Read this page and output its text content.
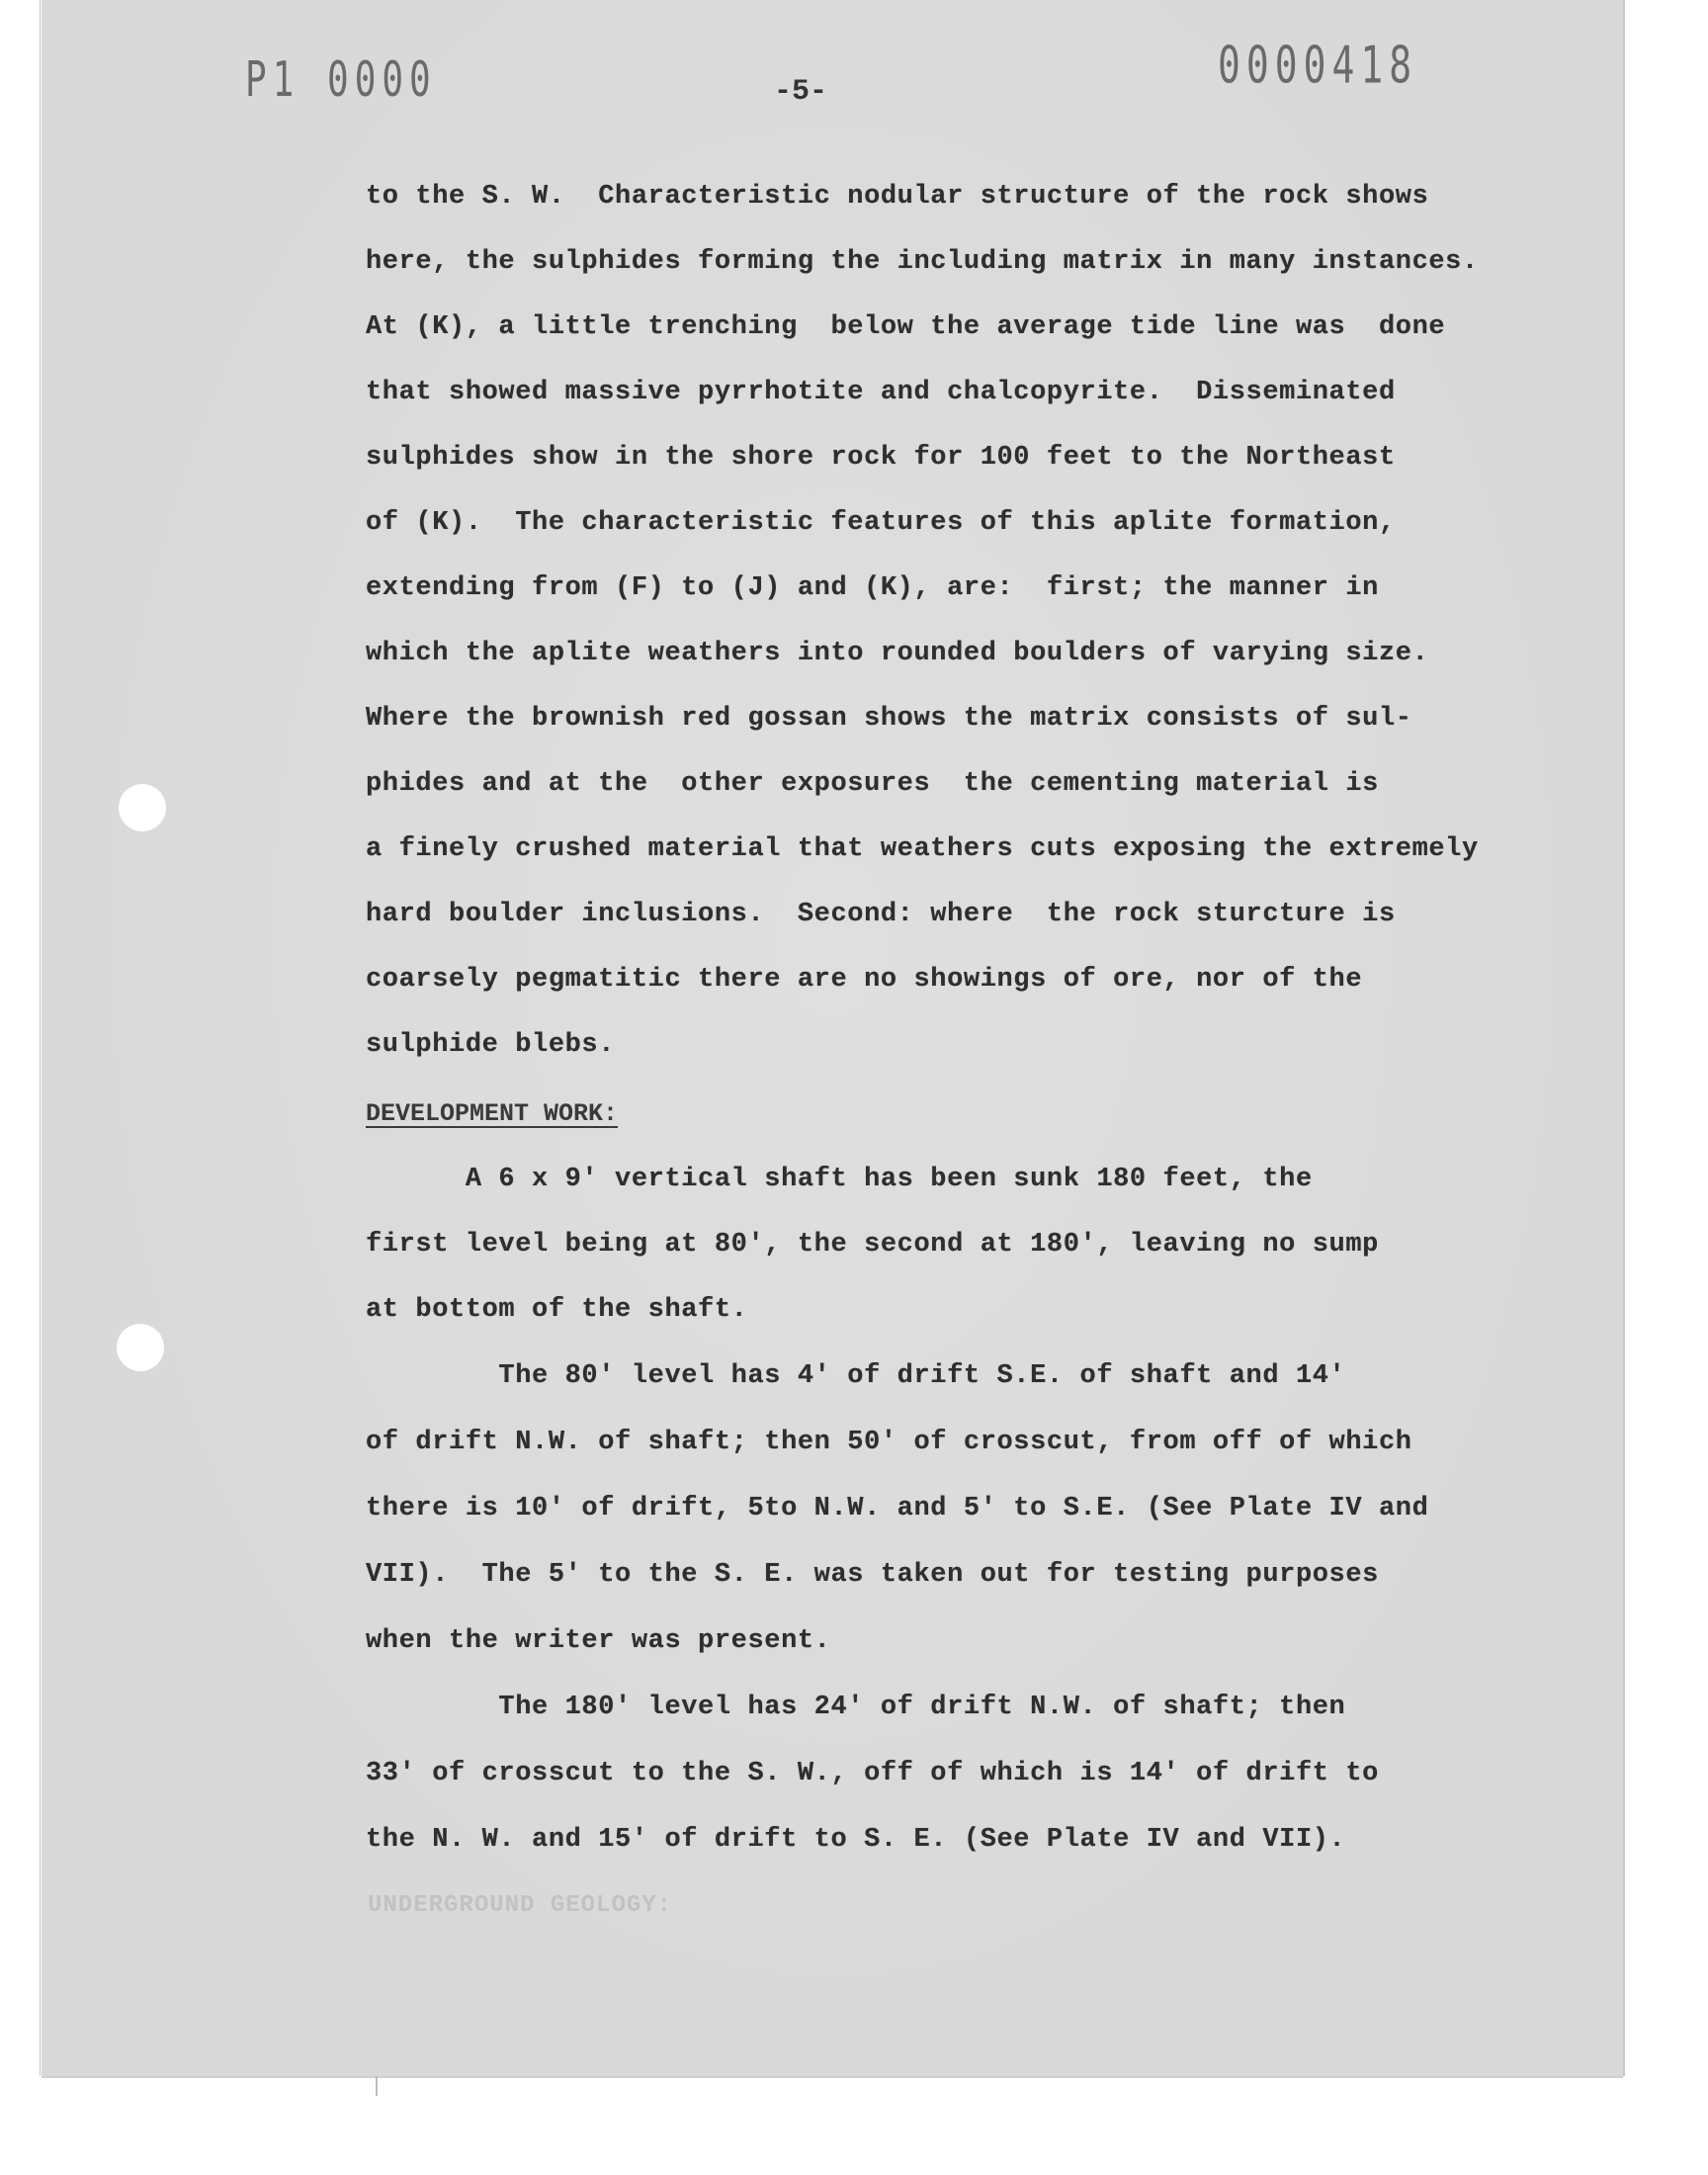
P1 0000	0000418
-5-
to the S. W.  Characteristic nodular structure of the rock shows
here, the sulphides forming the including matrix in many instances.
At (K), a little trenching  below the average tide line was  done
that showed massive pyrrhotite and chalcopyrite.  Disseminated
sulphides show in the shore rock for 100 feet to the Northeast
of (K).  The characteristic features of this aplite formation,
extending from (F) to (J) and (K), are:  first; the manner in
which the aplite weathers into rounded boulders of varying size.
Where the brownish red gossan shows the matrix consists of sul-
phides and at the  other exposures  the cementing material is
a finely crushed material that weathers cuts exposing the extremely
hard boulder inclusions.  Second: where  the rock sturcture is
coarsely pegmatitic there are no showings of ore, nor of the
sulphide blebs.
DEVELOPMENT WORK:
A 6 x 9' vertical shaft has been sunk 180 feet, the
first level being at 80', the second at 180', leaving no sump
at bottom of the shaft.
The 80' level has 4' of drift S.E. of shaft and 14'
of drift N.W. of shaft; then 50' of crosscut, from off of which
there is 10' of drift, 5to N.W. and 5' to S.E. (See Plate IV and
VII).  The 5' to the S. E. was taken out for testing purposes
when the writer was present.
The 180' level has 24' of drift N.W. of shaft; then
33' of crosscut to the S. W., off of which is 14' of drift to
the N. W. and 15' of drift to S. E. (See Plate IV and VII).
UNDERGROUND GEOLOGY:
